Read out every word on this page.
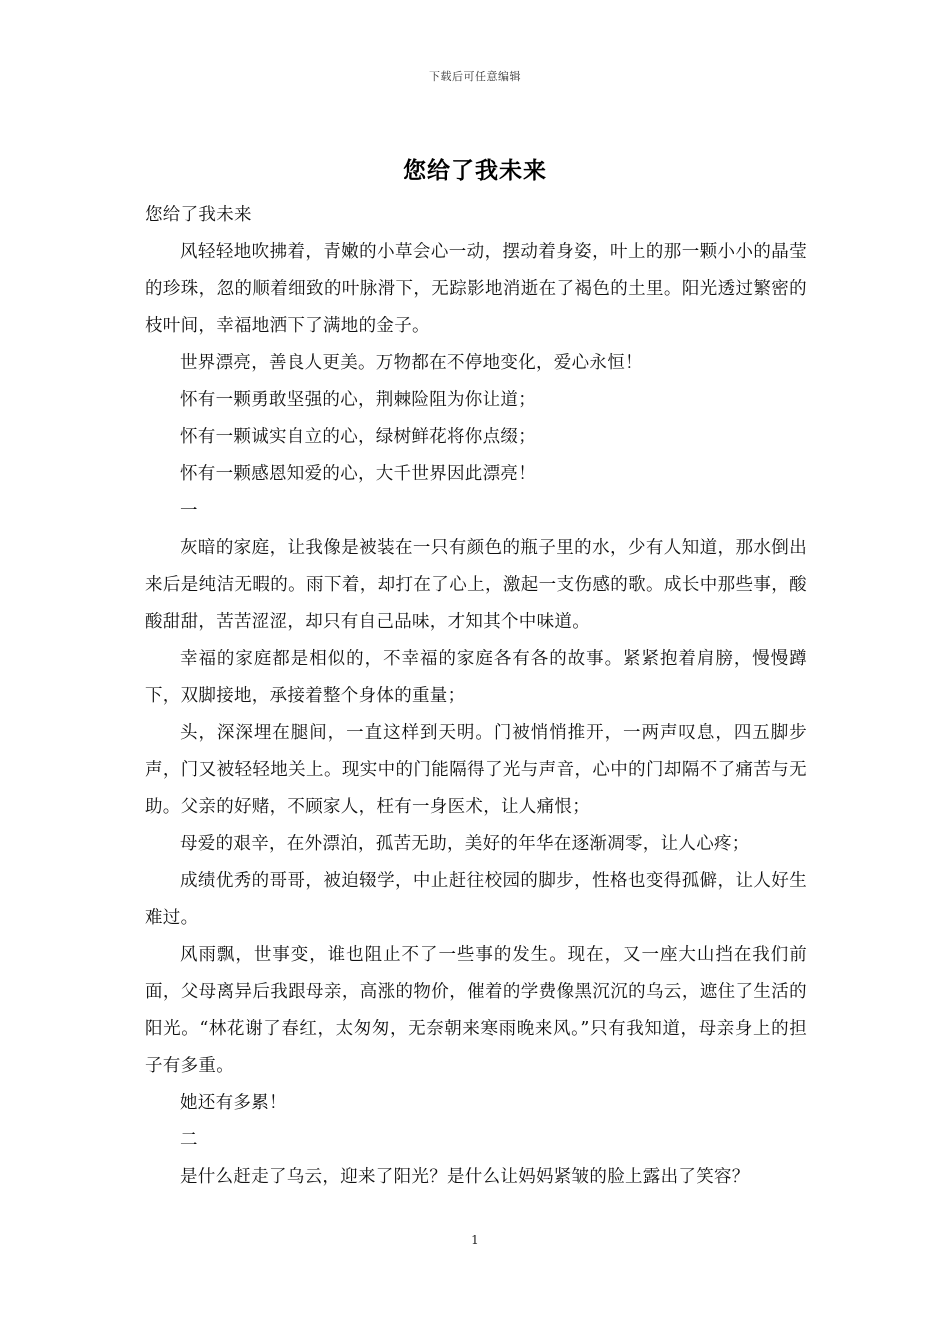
下载后可任意编辑
您给了我未来

您给了我未来

风轻轻地吹拂着，青嫩的小草会心一动，摆动着身姿，叶上的那一颗小小的晶莹的珍珠，忽的顺着细致的叶脉滑下，无踪影地消逝在了褐色的土里。阳光透过繁密的枝叶间，幸福地洒下了满地的金子。

世界漂亮，善良人更美。万物都在不停地变化，爱心永恒！

怀有一颗勇敢坚强的心，荆棘险阻为你让道；

怀有一颗诚实自立的心，绿树鲜花将你点缀；

怀有一颗感恩知爱的心，大千世界因此漂亮！

一

灰暗的家庭，让我像是被装在一只有颜色的瓶子里的水，少有人知道，那水倒出来后是纯洁无暇的。雨下着，却打在了心上，激起一支伤感的歌。成长中那些事，酸酸甜甜，苦苦涩涩，却只有自己品味，才知其个中味道。

幸福的家庭都是相似的，不幸福的家庭各有各的故事。紧紧抱着肩膀，慢慢蹲下，双脚接地，承接着整个身体的重量；

头，深深埋在腿间，一直这样到天明。门被悄悄推开，一两声叹息，四五脚步声，门又被轻轻地关上。现实中的门能隔得了光与声音，心中的门却隔不了痛苦与无助。父亲的好赌，不顾家人，枉有一身医术，让人痛恨；

母爱的艰辛，在外漂泊，孤苦无助，美好的年华在逐渐凋零，让人心疼；

成绩优秀的哥哥，被迫辍学，中止赶往校园的脚步，性格也变得孤僻，让人好生难过。

风雨飘，世事变，谁也阻止不了一些事的发生。现在，又一座大山挡在我们前面，父母离异后我跟母亲，高涨的物价，催着的学费像黑沉沉的乌云，遮住了生活的阳光。“林花谢了春红，太匆匆，无奈朝来寒雨晚来风。”只有我知道，母亲身上的担子有多重。

她还有多累！

二

是什么赶走了乌云，迎来了阳光？是什么让妈妈紧皱的脸上露出了笑容？

1
